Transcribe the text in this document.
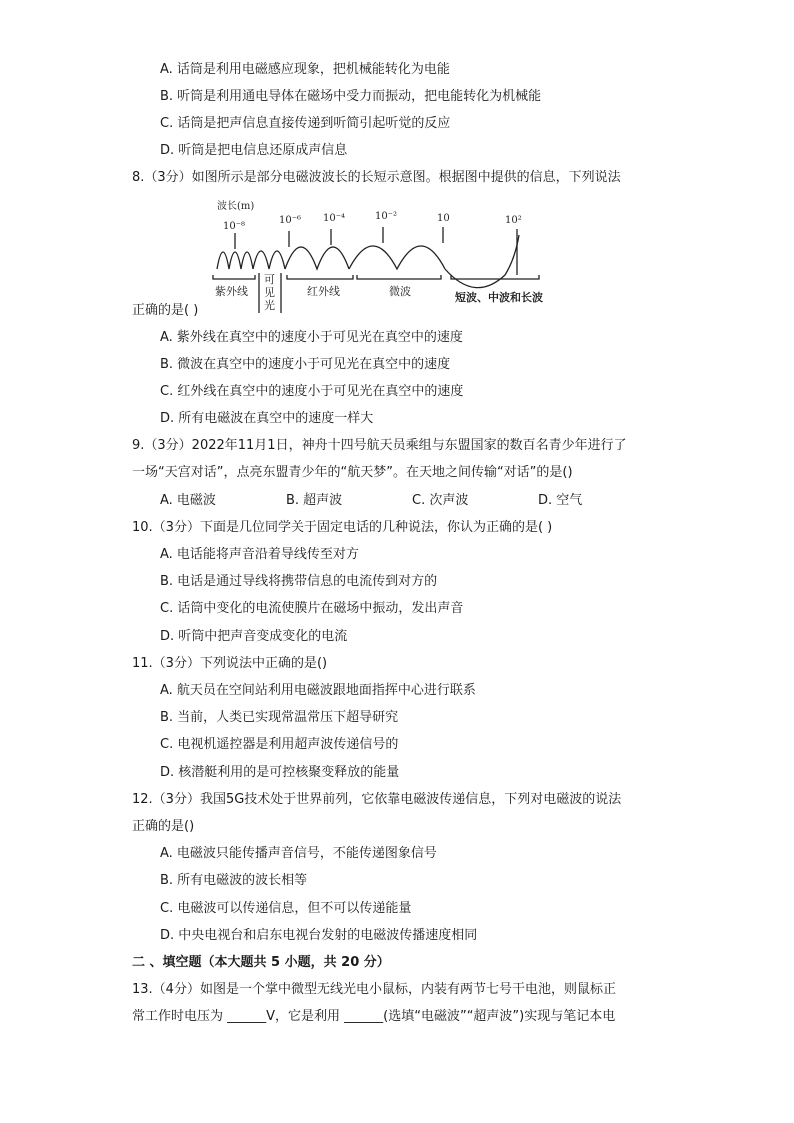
A. 话筒是利用电磁感应现象，把机械能转化为电能
B. 听筒是利用通电导体在磁场中受力而振动，把电能转化为机械能
C. 话筒是把声信息直接传递到听简引起听觉的反应
D. 听筒是把电信息还原成声信息
8.（3分）如图所示是部分电磁波波长的长短示意图。根据图中提供的信息，下列说法
波长(m)
10⁻⁸
10⁻⁶ 10⁻⁴	10⁻²	10	10²
紫外线	红外线	微波	短波、中波和长波
可见光
正确的是( )
A. 紫外线在真空中的速度小于可见光在真空中的速度
B. 微波在真空中的速度小于可见光在真空中的速度
C. 红外线在真空中的速度小于可见光在真空中的速度
D. 所有电磁波在真空中的速度一样大
9.（3分）2022年11月1日，神舟十四号航天员乘组与东盟国家的数百名青少年进行了
一场“天宫对话”，点亮东盟青少年的“航天梦”。在天地之间传输“对话”的是()
A. 电磁波	B. 超声波	C. 次声波	D. 空气
10.（3分）下面是几位同学关于固定电话的几种说法，你认为正确的是( )
A. 电话能将声音沿着导线传至对方
B. 电话是通过导线将携带信息的电流传到对方的
C. 话筒中变化的电流使膜片在磁场中振动，发出声音
D. 听筒中把声音变成变化的电流
11.（3分）下列说法中正确的是()
A. 航天员在空间站利用电磁波跟地面指挥中心进行联系
B. 当前，人类已实现常温常压下超导研究
C. 电视机遥控器是利用超声波传递信号的
D. 核潜艇利用的是可控核聚变释放的能量
12.（3分）我国5G技术处于世界前列，它依靠电磁波传递信息，下列对电磁波的说法
正确的是()
A. 电磁波只能传播声音信号，不能传递图象信号
B. 所有电磁波的波长相等
C. 电磁波可以传递信息，但不可以传递能量
D. 中央电视台和启东电视台发射的电磁波传播速度相同
二 、填空题（本大题共 5 小题，共 20 分）
13.（4分）如图是一个掌中微型无线光电小鼠标，内装有两节七号干电池，则鼠标正
常工作时电压为 ______V，它是利用 ______(选填“电磁波”“超声波”)实现与笔记本电
